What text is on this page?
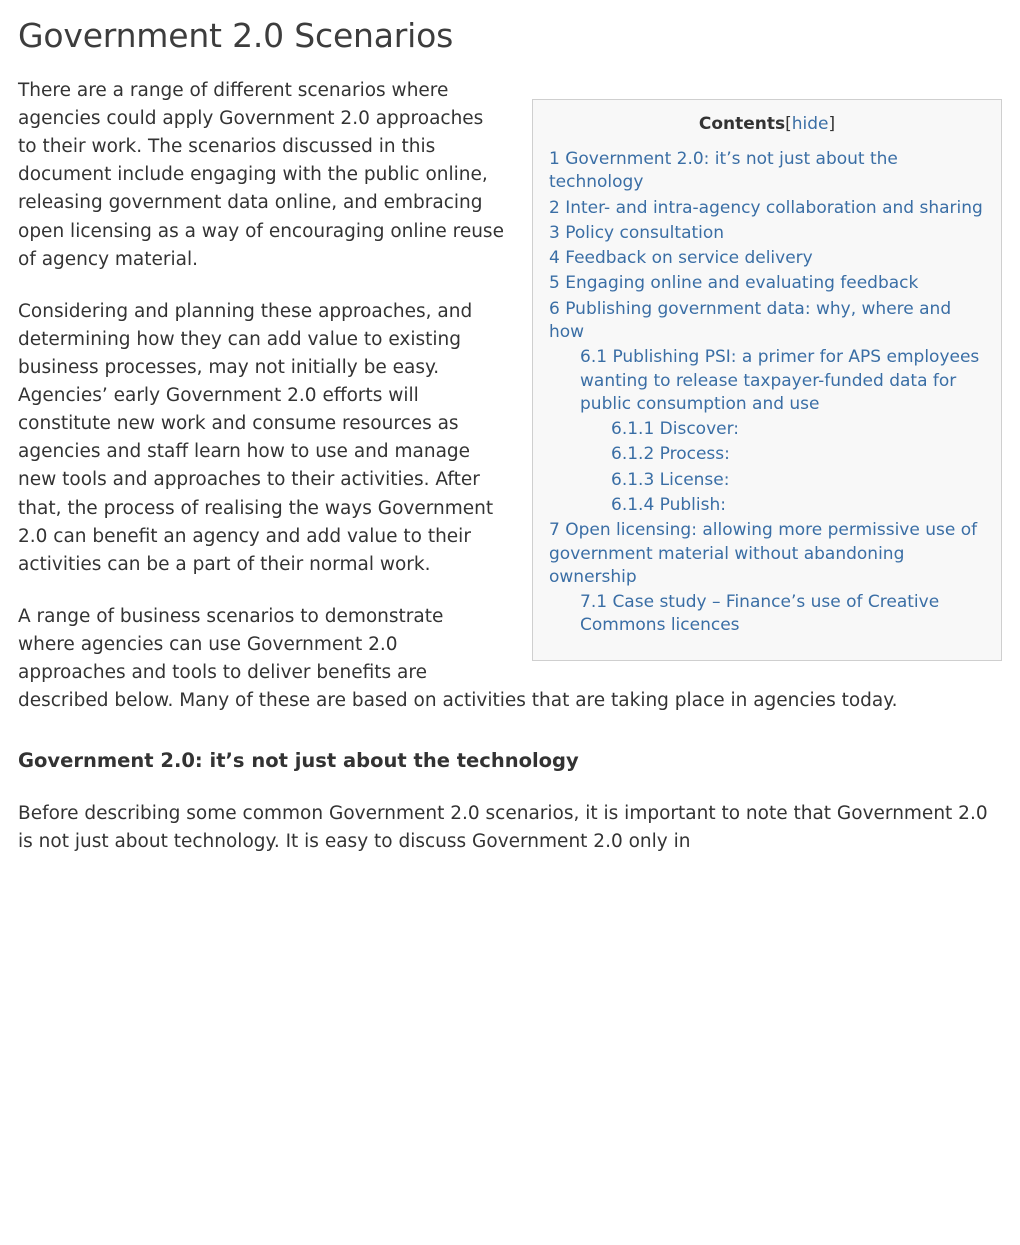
Government 2.0 Scenarios
Contents[hide]
1 Government 2.0: it’s not just about the technology
2 Inter- and intra-agency collaboration and sharing
3 Policy consultation
4 Feedback on service delivery
5 Engaging online and evaluating feedback
6 Publishing government data: why, where and how
6.1 Publishing PSI: a primer for APS employees wanting to release taxpayer-funded data for public consumption and use
6.1.1 Discover:
6.1.2 Process:
6.1.3 License:
6.1.4 Publish:
7 Open licensing: allowing more permissive use of government material without abandoning ownership
7.1 Case study – Finance’s use of Creative Commons licences

There are a range of different scenarios where agencies could apply Government 2.0 approaches to their work. The scenarios discussed in this document include engaging with the public online, releasing government data online, and embracing open licensing as a way of encouraging online reuse of agency material.

Considering and planning these approaches, and determining how they can add value to existing business processes, may not initially be easy. Agencies’ early Government 2.0 efforts will constitute new work and consume resources as agencies and staff learn how to use and manage new tools and approaches to their activities. After that, the process of realising the ways Government 2.0 can benefit an agency and add value to their activities can be a part of their normal work.

A range of business scenarios to demonstrate where agencies can use Government 2.0 approaches and tools to deliver benefits are described below. Many of these are based on activities that are taking place in agencies today.

Government 2.0: it’s not just about the technology

Before describing some common Government 2.0 scenarios, it is important to note that Government 2.0 is not just about technology. It is easy to discuss Government 2.0 only in
